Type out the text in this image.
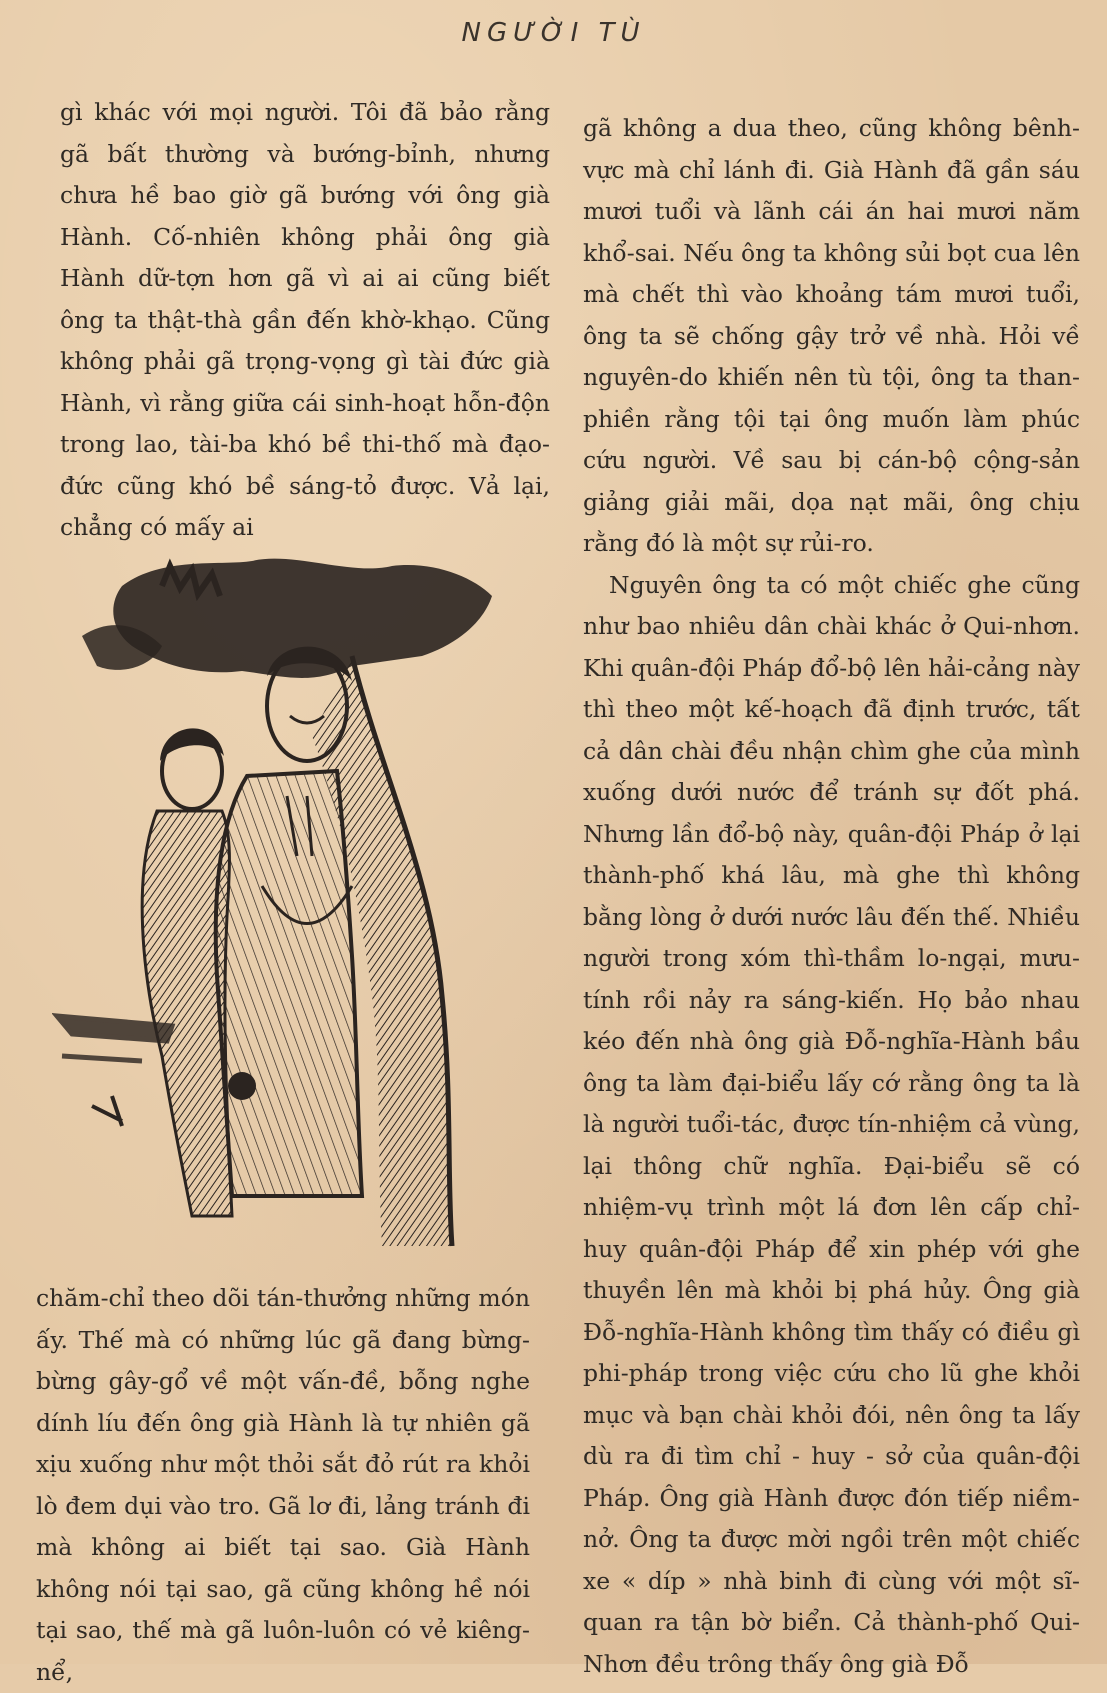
NGƯỜI TÙ

gì khác với mọi người. Tôi đã bảo rằng gã bất thường và bướng-bỉnh, nhưng chưa hề bao giờ gã bướng với ông già Hành. Cố-nhiên không phải ông già Hành dữ-tợn hơn gã vì ai ai cũng biết ông ta thật-thà gần đến khờ-khạo. Cũng không phải gã trọng-vọng gì tài đức già Hành, vì rằng giữa cái sinh-hoạt hỗn-độn trong lao, tài-ba khó bề thi-thố mà đạo-đức cũng khó bề sáng-tỏ được. Vả lại, chẳng có mấy ai

gã không a dua theo, cũng không bênh-vực mà chỉ lánh đi. Già Hành đã gần sáu mươi tuổi và lãnh cái án hai mươi năm khổ-sai. Nếu ông ta không sủi bọt cua lên mà chết thì vào khoảng tám mươi tuổi, ông ta sẽ chống gậy trở về nhà. Hỏi về nguyên-do khiến nên tù tội, ông ta than-phiền rằng tội tại ông muốn làm phúc cứu người. Về sau bị cán-bộ cộng-sản giảng giải mãi, dọa nạt mãi, ông chịu rằng đó là một sự rủi-ro.

Nguyên ông ta có một chiếc ghe cũng như bao nhiêu dân chài khác ở Qui-nhơn. Khi quân-đội Pháp đổ-bộ lên hải-cảng này thì theo một kế-hoạch đã định trước, tất cả dân chài đều nhận chìm ghe của mình xuống dưới nước để tránh sự đốt phá. Nhưng lần đổ-bộ này, quân-đội Pháp ở lại thành-phố khá lâu, mà ghe thì không bằng lòng ở dưới nước lâu đến thế. Nhiều người trong xóm thì-thầm lo-ngại, mưu-tính rồi nảy ra sáng-kiến. Họ bảo nhau kéo đến nhà ông già Đỗ-nghĩa-Hành bầu ông ta làm đại-biểu lấy cớ rằng ông ta là là người tuổi-tác, được tín-nhiệm cả vùng, lại thông chữ nghĩa. Đại-biểu sẽ có nhiệm-vụ trình một lá đơn lên cấp chỉ-huy quân-đội Pháp để xin phép với ghe thuyền lên mà khỏi bị phá hủy. Ông già Đỗ-nghĩa-Hành không tìm thấy có điều gì phi-pháp trong việc cứu cho lũ ghe khỏi mục và bạn chài khỏi đói, nên ông ta lấy dù ra đi tìm chỉ - huy - sở của quân-đội Pháp. Ông già Hành được đón tiếp niềm-nở. Ông ta được mời ngồi trên một chiếc xe « díp » nhà binh đi cùng với một sĩ-quan ra tận bờ biển. Cả thành-phố Qui-Nhơn đều trông thấy ông già Đỗ

chăm-chỉ theo dõi tán-thưởng những món ấy. Thế mà có những lúc gã đang bừng-bừng gây-gổ về một vấn-đề, bỗng nghe dính líu đến ông già Hành là tự nhiên gã xịu xuống như một thỏi sắt đỏ rút ra khỏi lò đem dụi vào tro. Gã lơ đi, lảng tránh đi mà không ai biết tại sao. Già Hành không nói tại sao, gã cũng không hề nói tại sao, thế mà gã luôn-luôn có vẻ kiêng-nể,
